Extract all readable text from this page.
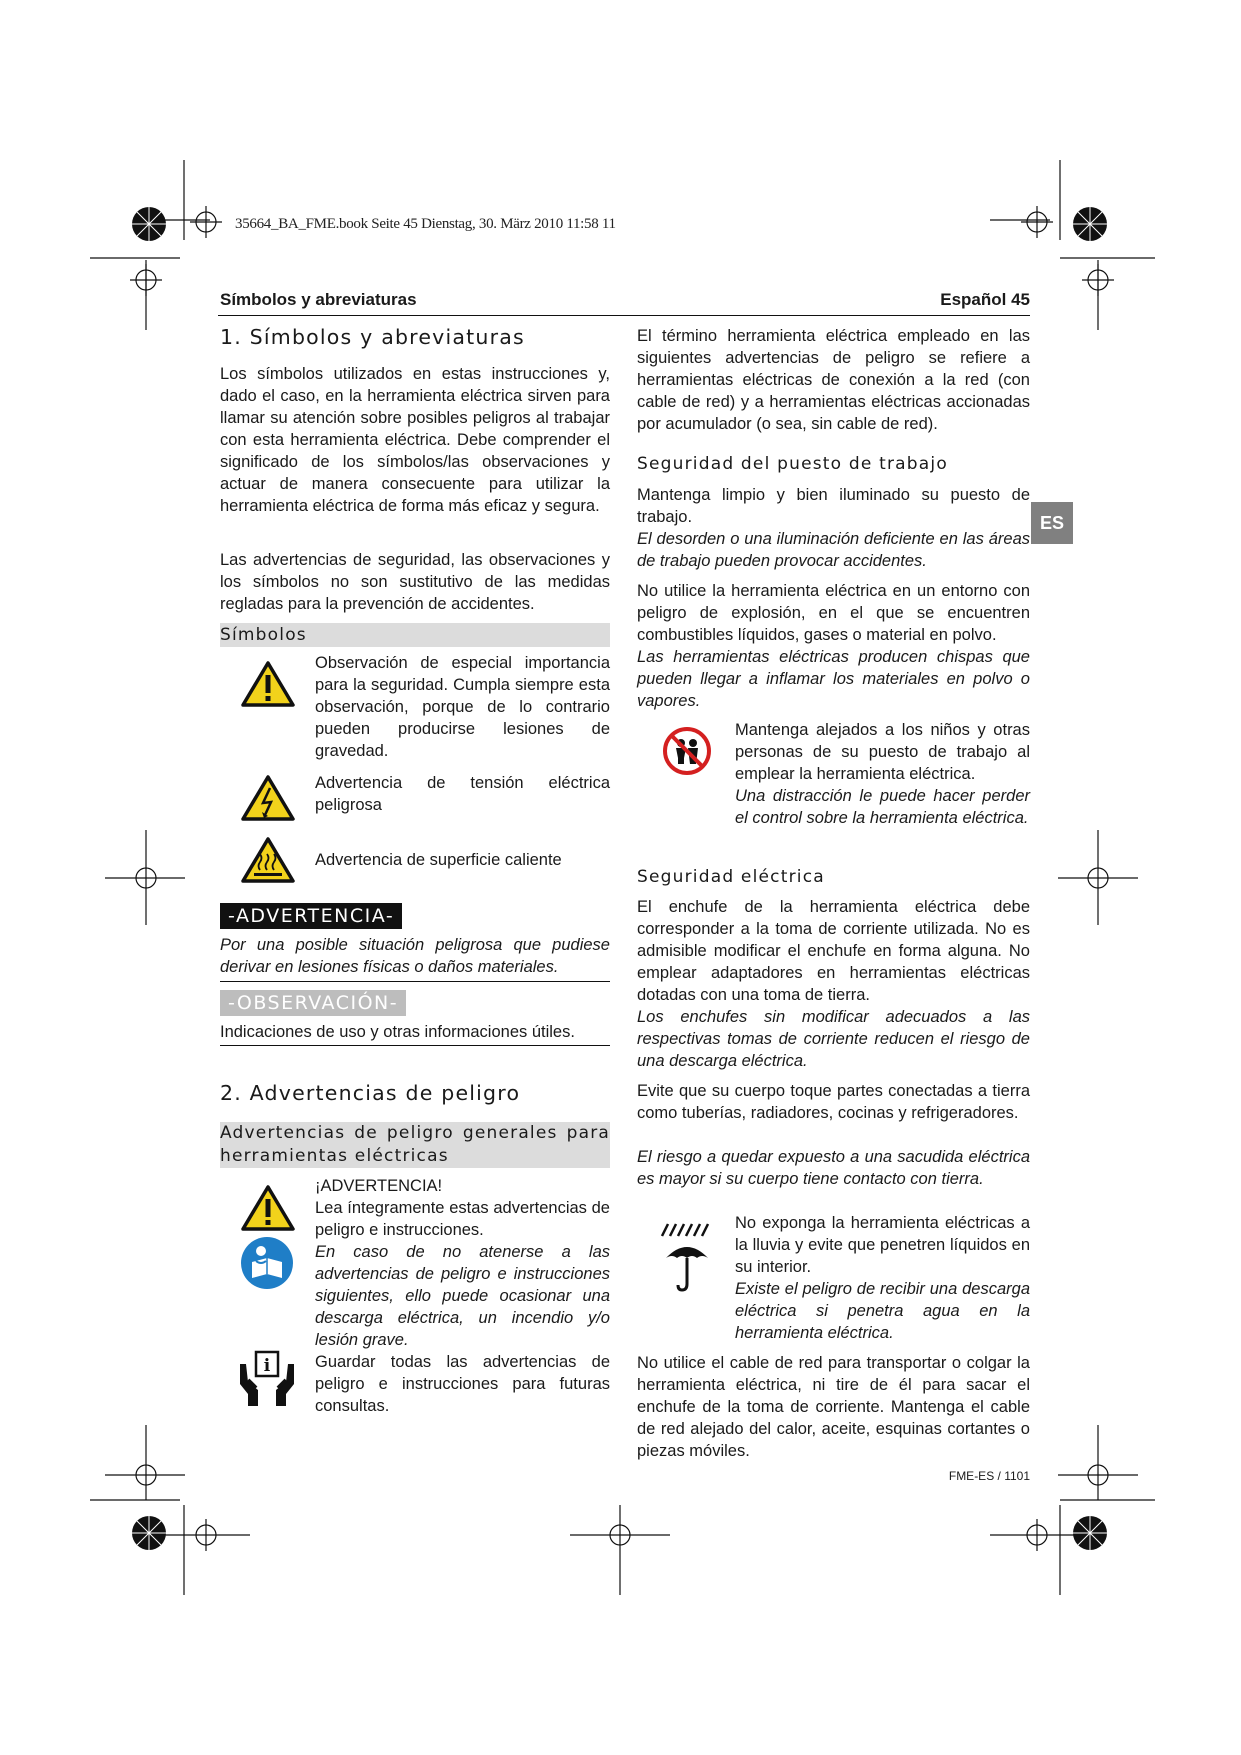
35664_BA_FME.book Seite 45 Dienstag, 30. März 2010 11:58 11
Símbolos y abreviaturas	Español 45
ES
1. Símbolos y abreviaturas

Los símbolos utilizados en estas instrucciones y, dado el caso, en la herramienta eléctrica sirven para llamar su atención sobre posibles peligros al trabajar con esta herramienta eléctrica. Debe comprender el significado de los símbolos/las observaciones y actuar de manera consecuente para utilizar la herramienta eléctrica de forma más eficaz y segura.

Las advertencias de seguridad, las observaciones y los símbolos no son sustitutivo de las medidas regladas para la prevención de accidentes.

Símbolos

Observación de especial importancia para la seguridad. Cumpla siempre esta observación, porque de lo contrario pueden producirse lesiones de gravedad.

Advertencia de tensión eléctrica peligrosa

Advertencia de superficie caliente

-ADVERTENCIA-

Por una posible situación peligrosa que pudiese derivar en lesiones físicas o daños materiales.

-OBSERVACIÓN-

Indicaciones de uso y otras informaciones útiles.

2. Advertencias de peligro
Advertencias de peligro generales para herramientas eléctricas

¡ADVERTENCIA!

Lea íntegramente estas advertencias de peligro e instrucciones.

En caso de no atenerse a las advertencias de peligro e instrucciones siguientes, ello puede ocasionar una descarga eléctrica, un incendio y/o lesión grave.

i	Guardar todas las advertencias de peligro e instrucciones para futuras consultas.

El término herramienta eléctrica empleado en las siguientes advertencias de peligro se refiere a herramientas eléctricas de conexión a la red (con cable de red) y a herramientas eléctricas accionadas por acumulador (o sea, sin cable de red).

Seguridad del puesto de trabajo

Mantenga limpio y bien iluminado su puesto de trabajo.

El desorden o una iluminación deficiente en las áreas de trabajo pueden provocar accidentes.

No utilice la herramienta eléctrica en un entorno con peligro de explosión, en el que se encuentren combustibles líquidos, gases o material en polvo.

Las herramientas eléctricas producen chispas que pueden llegar a inflamar los materiales en polvo o vapores.

Mantenga alejados a los niños y otras personas de su puesto de trabajo al emplear la herramienta eléctrica.

Una distracción le puede hacer perder el control sobre la herramienta eléctrica.

Seguridad eléctrica

El enchufe de la herramienta eléctrica debe corresponder a la toma de corriente utilizada. No es admisible modificar el enchufe en forma alguna. No emplear adaptadores en herramientas eléctricas dotadas con una toma de tierra.

Los enchufes sin modificar adecuados a las respectivas tomas de corriente reducen el riesgo de una descarga eléctrica.

Evite que su cuerpo toque partes conectadas a tierra como tuberías, radiadores, cocinas y refrigeradores.

El riesgo a quedar expuesto a una sacudida eléctrica es mayor si su cuerpo tiene contacto con tierra.

No exponga la herramienta eléctricas a la lluvia y evite que penetren líquidos en su interior.

Existe el peligro de recibir una descarga eléctrica si penetra agua en la herramienta eléctrica.

No utilice el cable de red para transportar o colgar la herramienta eléctrica, ni tire de él para sacar el enchufe de la toma de corriente. Mantenga el cable de red alejado del calor, aceite, esquinas cortantes o piezas móviles.

FME-ES / 1101
